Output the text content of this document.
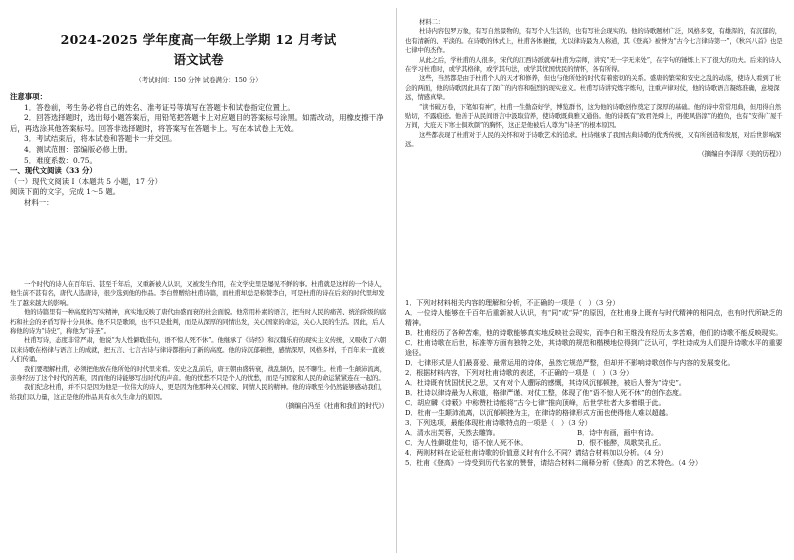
2024-2025 学年度高一年级上学期 12 月考试
语文试卷
（考试时间：150 分钟 试卷满分：150 分）

注意事项：

1．答卷前，考生务必将自己的姓名、准考证号等填写在答题卡和试卷指定位置上。

2．回答选择题时，选出每小题答案后，用铅笔把答题卡上对应题目的答案标号涂黑。如需改动，用橡皮擦干净后，再选涂其他答案标号。回答非选择题时，将答案写在答题卡上。写在本试卷上无效。

3．考试结束后，将本试卷和答题卡一并交回。

4．测试范围：部编版必修上册。

5．难度系数：0.75。

一、现代文阅读（33 分）

（一）现代文阅读 I（本题共 5 小题，17 分）

阅读下面的文字，完成 1～5 题。

材料一：

一个时代的诗人在百年后、甚至千年后，又重新被人认识，又被发生作用，在文学史里是屡见不鲜的事。杜甫就是这样的一个诗人，他生前不甚有名，唐代人选唐诗，很少选到他的作品。李白曾赠给杜甫诗篇，而杜甫却总是称赞李白，可是杜甫的诗在后来的时代里却发生了越来越大的影响。

他的诗篇里有一种高度的写实精神，真实地反映了唐代由盛而衰的社会面貌。他常用朴素的语言，把当时人民的痛苦、统治阶级的腐朽和社会的矛盾写得十分具体。他不只是歌颂，也不只是批判，而是从深厚的同情出发，关心国家的命运，关心人民的生活。因此，后人称他的诗为“诗史”，称他为“诗圣”。

杜甫写诗，态度非常严肃，他说“为人性僻耽佳句，语不惊人死不休”。他继承了《诗经》和汉魏乐府的现实主义传统，又吸收了六朝以来诗歌在格律与语言上的成就，把五言、七言古诗与律诗都推向了新的高度。他的诗沉郁顿挫，感情深厚，风格多样，千百年来一直被人们传诵。

我们要理解杜甫，必须把他放在他所处的时代里来看。安史之乱前后，唐王朝由盛转衰，战乱频仍，民不聊生。杜甫一生颠沛流离，亲身经历了这个时代的苦难，因而他的诗能够写出时代的声音。他的忧愁不只是个人的忧愁，而是与国家和人民的命运紧紧连在一起的。

我们纪念杜甫，并不只是因为他是一位伟大的诗人，更是因为他那种关心国家、同情人民的精神。他的诗歌至今仍然能够感动我们，给我们以力量，这正是他的作品具有永久生命力的原因。

（摘编自冯至《杜甫和我们的时代》）

材料二：

杜诗内容包罗万象，有写自然景物的，有写个人生活的，也有写社会现实的。他的诗歌题材广泛，风格多变，有雄浑的，有沉郁的，也有清新的、平淡的。在诗歌的体式上，杜甫各体兼擅，尤以律诗最为人称道，其《登高》被誉为“古今七言律诗第一”，《秋兴八首》也是七律中的杰作。

从此之后，学杜甫的人很多，宋代的江西诗派就奉杜甫为宗师，讲究“无一字无来处”，在字句的锤炼上下了很大的功夫。后来的诗人在学习杜甫时，或学其格律，或学其句法，或学其忧国忧民的情怀，各有所得。

这些，当然都是由于杜甫个人的天才和修养，但也与他所处的时代有着密切的关系。盛唐的繁荣和安史之乱的动荡，使诗人看到了社会的两面，他的诗歌因此具有了深广的内容和强烈的现实意义。杜甫写诗讲究炼字炼句，注重声律对仗，他的诗歌语言凝练准确，意境深远，情感真挚。

“读书破万卷，下笔如有神”，杜甫一生勤奋好学，博览群书，这为他的诗歌创作奠定了深厚的基础。他的诗中常常用典，但用得自然贴切，不露痕迹。他善于从民间语言中汲取营养，使诗歌既典雅又通俗。他的诗既有“致君尧舜上，再使风俗淳”的抱负，也有“安得广厦千万间，大庇天下寒士俱欢颜”的胸怀，这正是他被后人尊为“诗圣”的根本原因。

这些都表现了杜甫对于人民的关怀和对于诗歌艺术的追求。杜诗继承了我国古典诗歌的优秀传统，又有所创造和发展，对后世影响深远。

（摘编自李泽厚《美的历程》）

1．下列对材料相关内容的理解和分析，不正确的一项是（　）（3 分）

A．一位诗人能够在千百年后重新被人认识，有“同”或“异”的原因，在杜甫身上既有与时代精神的相同点，也有时代所缺乏的精神。

B．杜甫经历了各种苦难，他的诗歌能够真实地反映社会现实，而李白和王维没有经历太多苦难，他们的诗歌不能反映现实。

C．杜甫诗歌在后世，标准等方面有独特之处，其诗歌的规范和楷模地位得到广泛认可，学杜诗成为人们提升诗歌水平的重要途径。

D．七律形式是人们最喜爱、最常运用的诗体，虽然它规范严整，但却并不影响诗歌创作与内容的发展变化。

2．根据材料内容，下列对杜甫诗歌的表述，不正确的一项是（　）（3 分）

A．杜诗既有忧国忧民之思，又有对个人遭际的感慨，其诗风沉郁顿挫，被后人誉为“诗史”。

B．杜诗以律诗最为人称道，格律严谨、对仗工整，体现了他“语不惊人死不休”的创作态度。

C．胡应麟《诗薮》中称赞杜诗能将“古今七律”推向顶峰，后世学杜者大多着眼于此。

D．杜甫一生颠沛流离，以沉郁顿挫为主，在律诗的格律形式方面也使得他人难以超越。

3．下列选项，最能体现杜甫诗歌特点的一项是（　）（3 分）

A．清水出芙蓉，天然去雕饰。	B．诗中有画，画中有诗。
C．为人性僻耽佳句，语不惊人死不休。	D．恨不能醉，凤歌笑孔丘。

4．两则材料在论证杜甫诗歌的价值意义时有什么不同？请结合材料加以分析。（4 分）

5．杜甫《登高》一诗受到历代名家的赞誉，请结合材料二阐释分析《登高》的艺术特色。（4 分）
